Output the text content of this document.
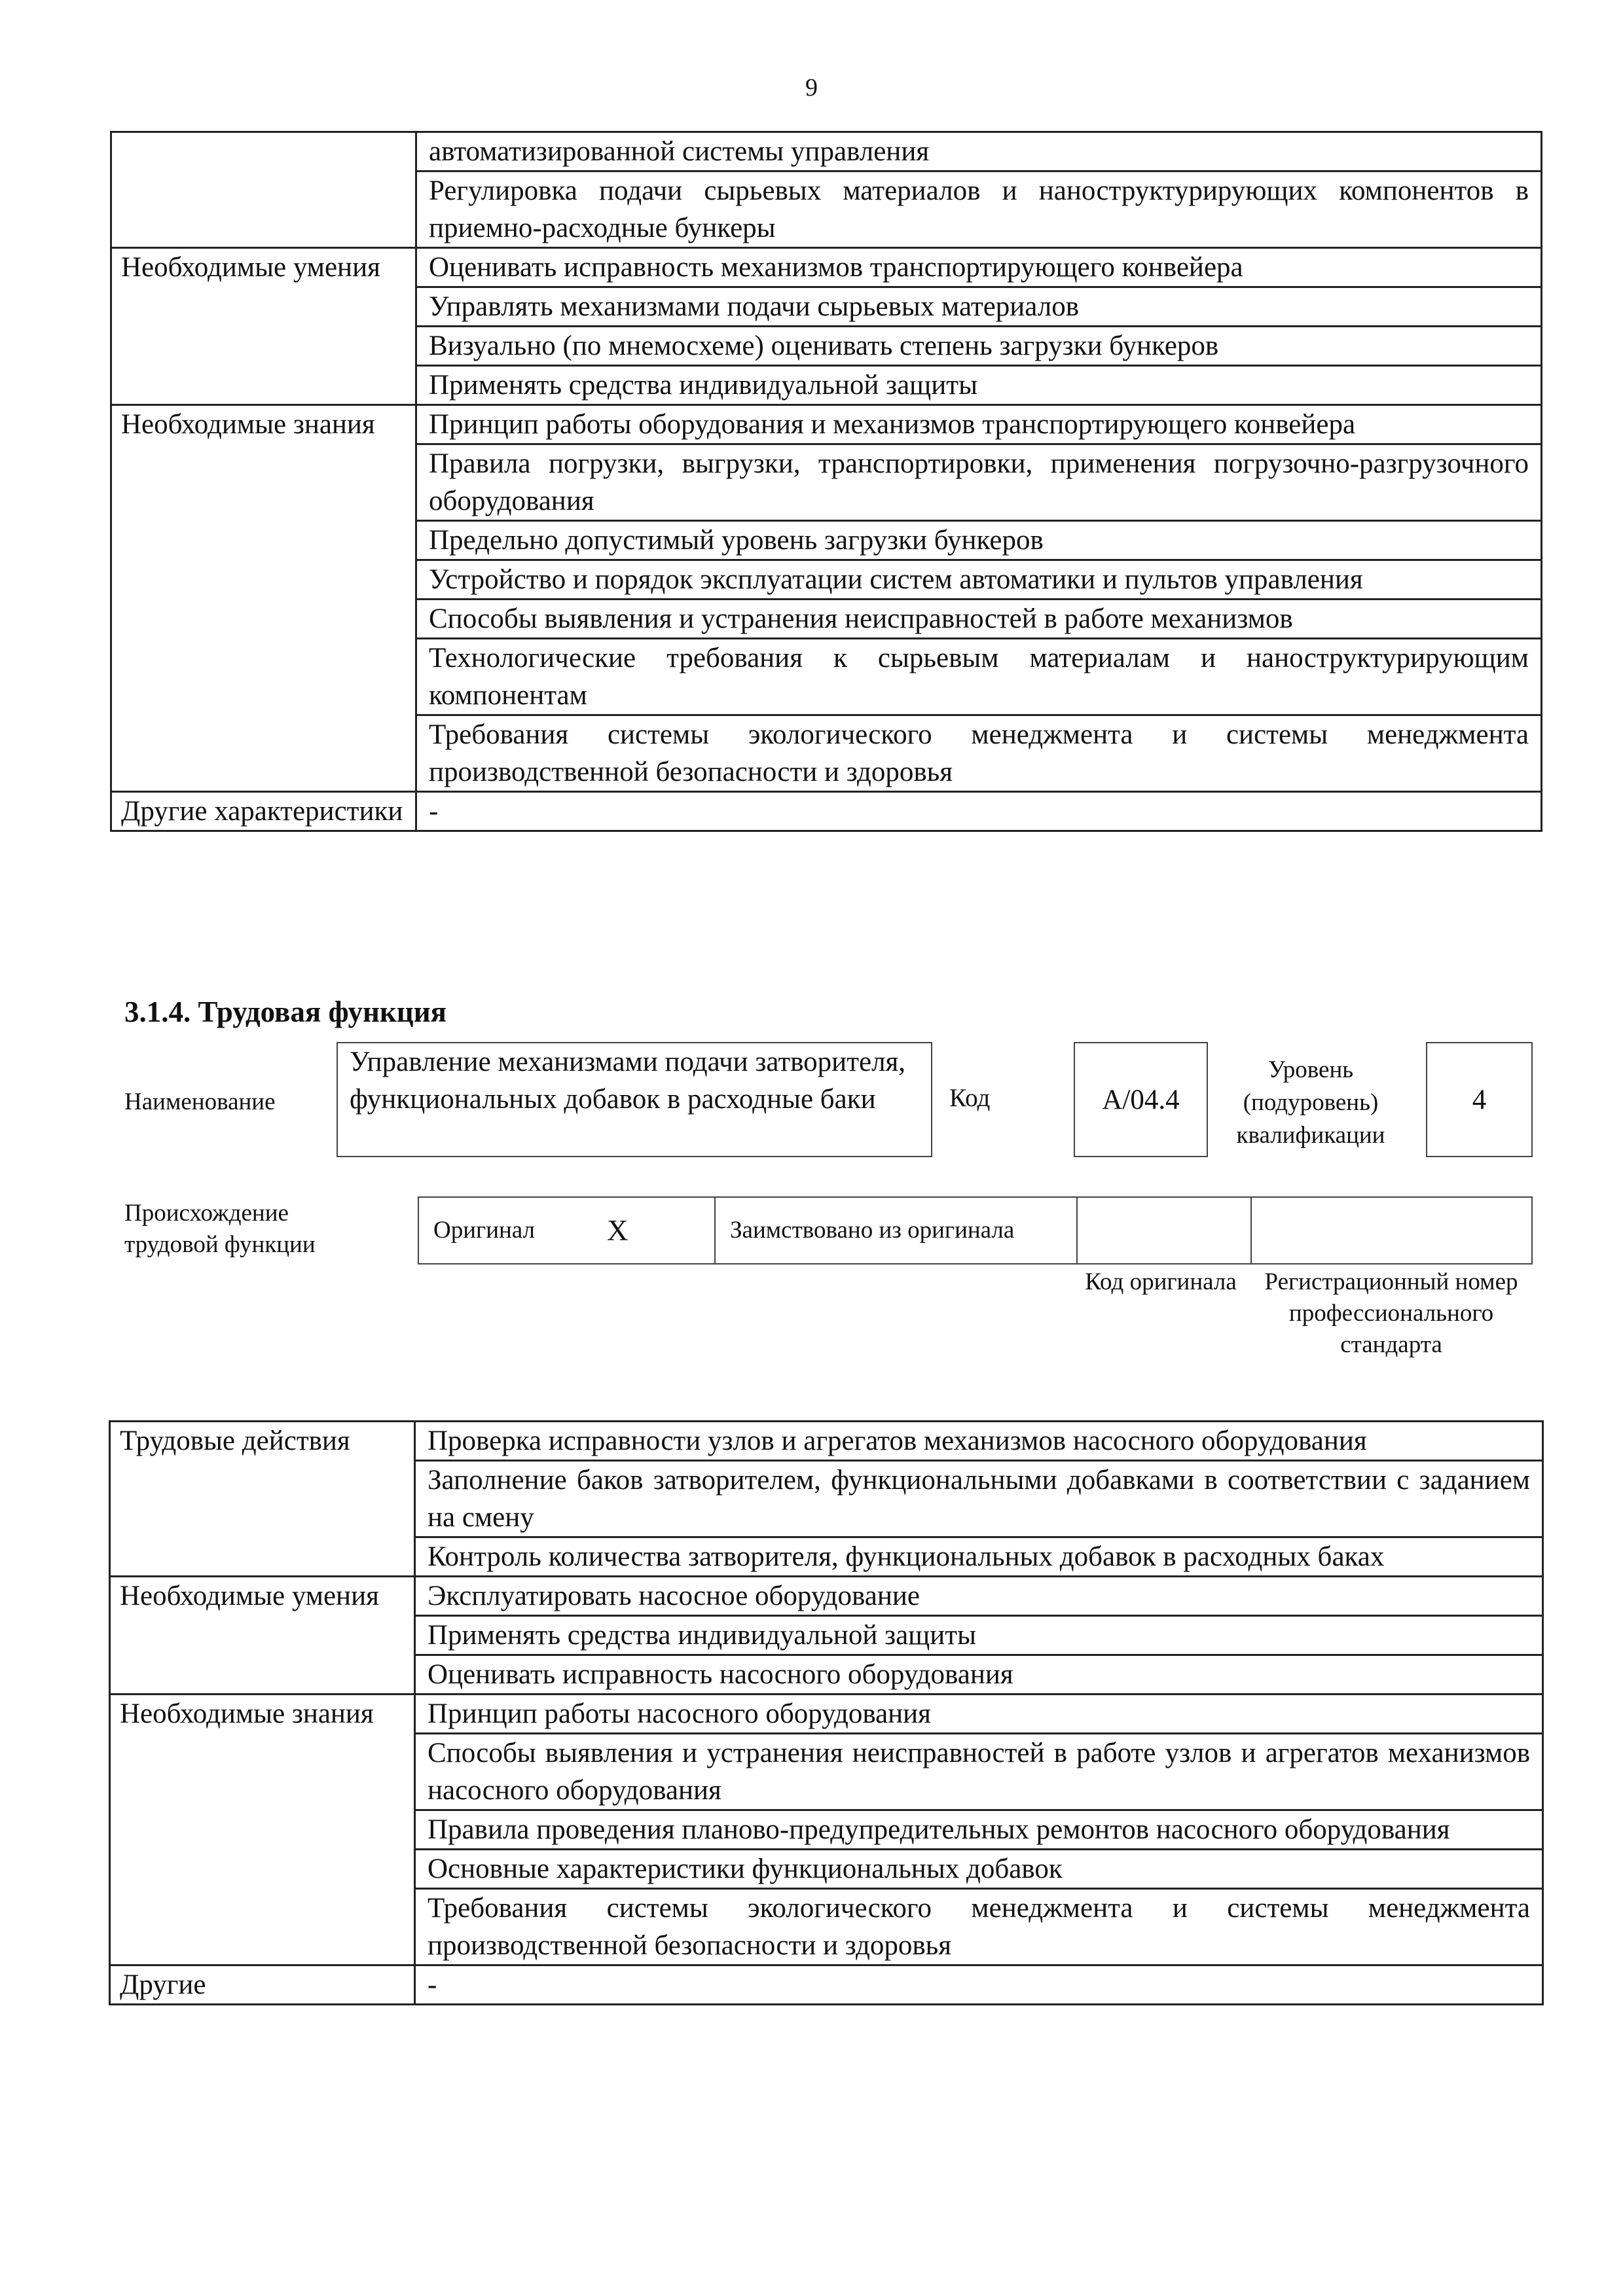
9
	автоматизированной системы управления
	Регулировка подачи сырьевых материалов и наноструктурирующих компонентов в приемно-расходные бункеры
Необходимые умения	Оценивать исправность механизмов транспортирующего конвейера
	Управлять механизмами подачи сырьевых материалов
	Визуально (по мнемосхеме) оценивать степень загрузки бункеров
	Применять средства индивидуальной защиты
Необходимые знания	Принцип работы оборудования и механизмов транспортирующего конвейера
	Правила погрузки, выгрузки, транспортировки, применения погрузочно-разгрузочного оборудования
	Предельно допустимый уровень загрузки бункеров
	Устройство и порядок эксплуатации систем автоматики и пультов управления
	Способы выявления и устранения неисправностей в работе механизмов
	Технологические требования к сырьевым материалам и наноструктурирующим компонентам
	Требования системы экологического менеджмента и системы менеджмента производственной безопасности и здоровья
Другие характеристики	-
3.1.4. Трудовая функция
Наименование
Управление механизмами подачи затворителя, функциональных добавок в расходные баки	Код	A/04.4
Уровень (подуровень) квалификации
4
Происхождение трудовой функции
Оригинал X	Заимствовано из оригинала
Код оригинала	Регистрационный номер профессионального стандарта
Трудовые действия	Проверка исправности узлов и агрегатов механизмов насосного оборудования
	Заполнение баков затворителем, функциональными добавками в соответствии с заданием на смену
	Контроль количества затворителя, функциональных добавок в расходных баках
Необходимые умения	Эксплуатировать насосное оборудование
	Применять средства индивидуальной защиты
	Оценивать исправность насосного оборудования
Необходимые знания	Принцип работы насосного оборудования
	Способы выявления и устранения неисправностей в работе узлов и агрегатов механизмов насосного оборудования
	Правила проведения планово-предупредительных ремонтов насосного оборудования
	Основные характеристики функциональных добавок
	Требования системы экологического менеджмента и системы менеджмента производственной безопасности и здоровья
Другие	-
